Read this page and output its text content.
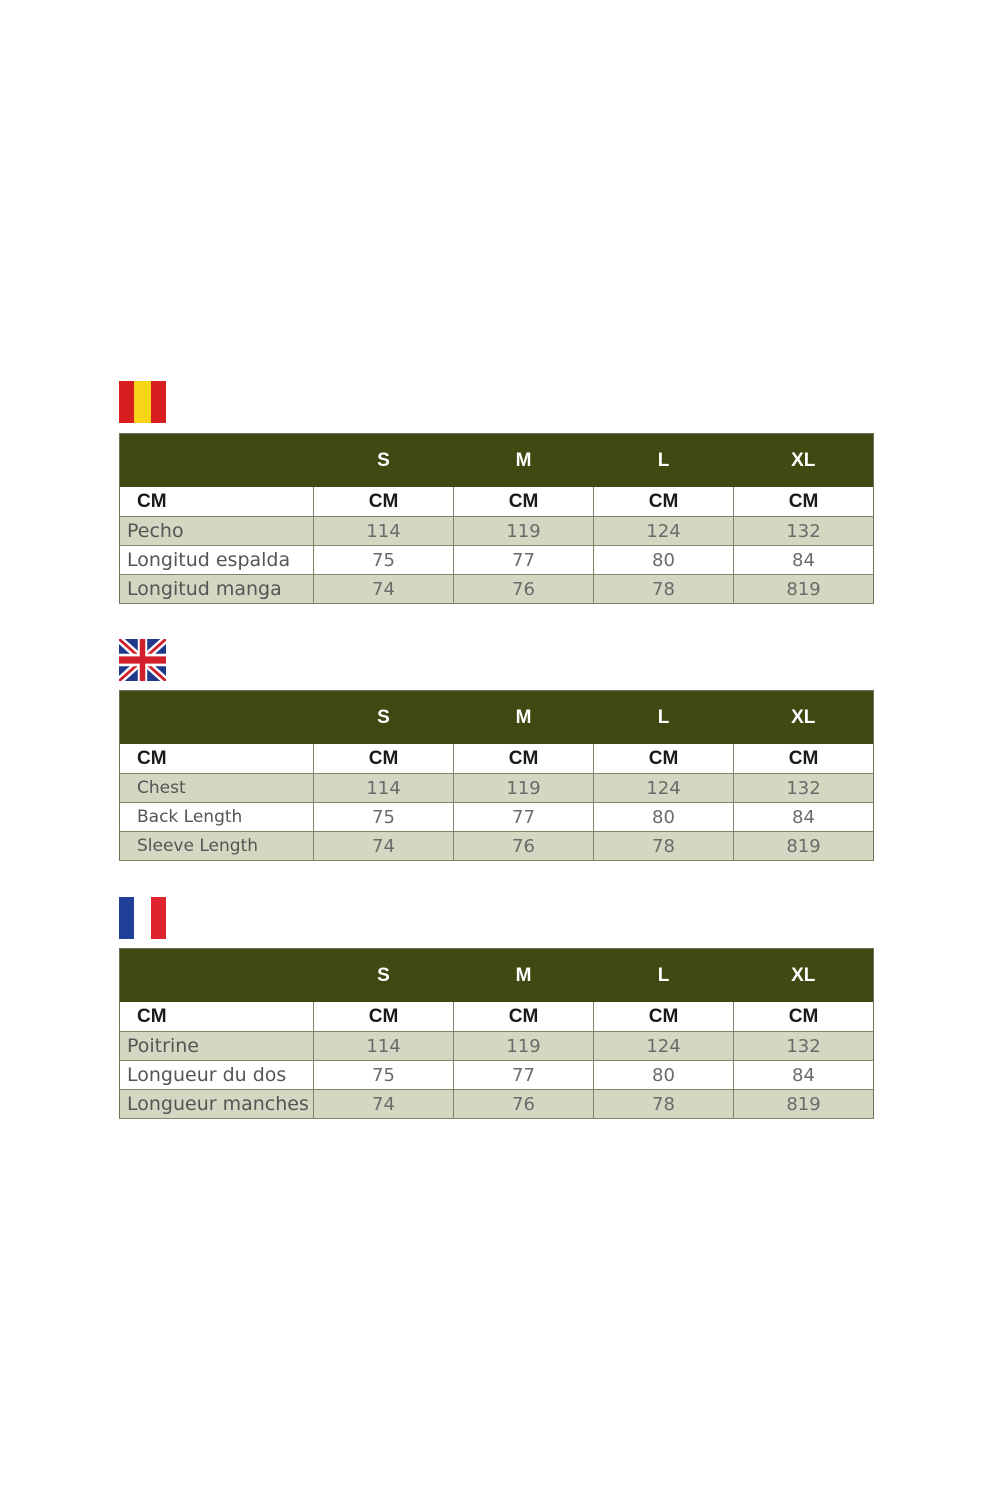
	S	M	L	XL
CM	CM	CM	CM	CM
Pecho	114	119	124	132
Longitud espalda	75	77	80	84
Longitud manga	74	76	78	819
	S	M	L	XL
CM	CM	CM	CM	CM
Chest	114	119	124	132
Back Length	75	77	80	84
Sleeve Length	74	76	78	819
	S	M	L	XL
CM	CM	CM	CM	CM
Poitrine	114	119	124	132
Longueur du dos	75	77	80	84
Longueur manches	74	76	78	819
